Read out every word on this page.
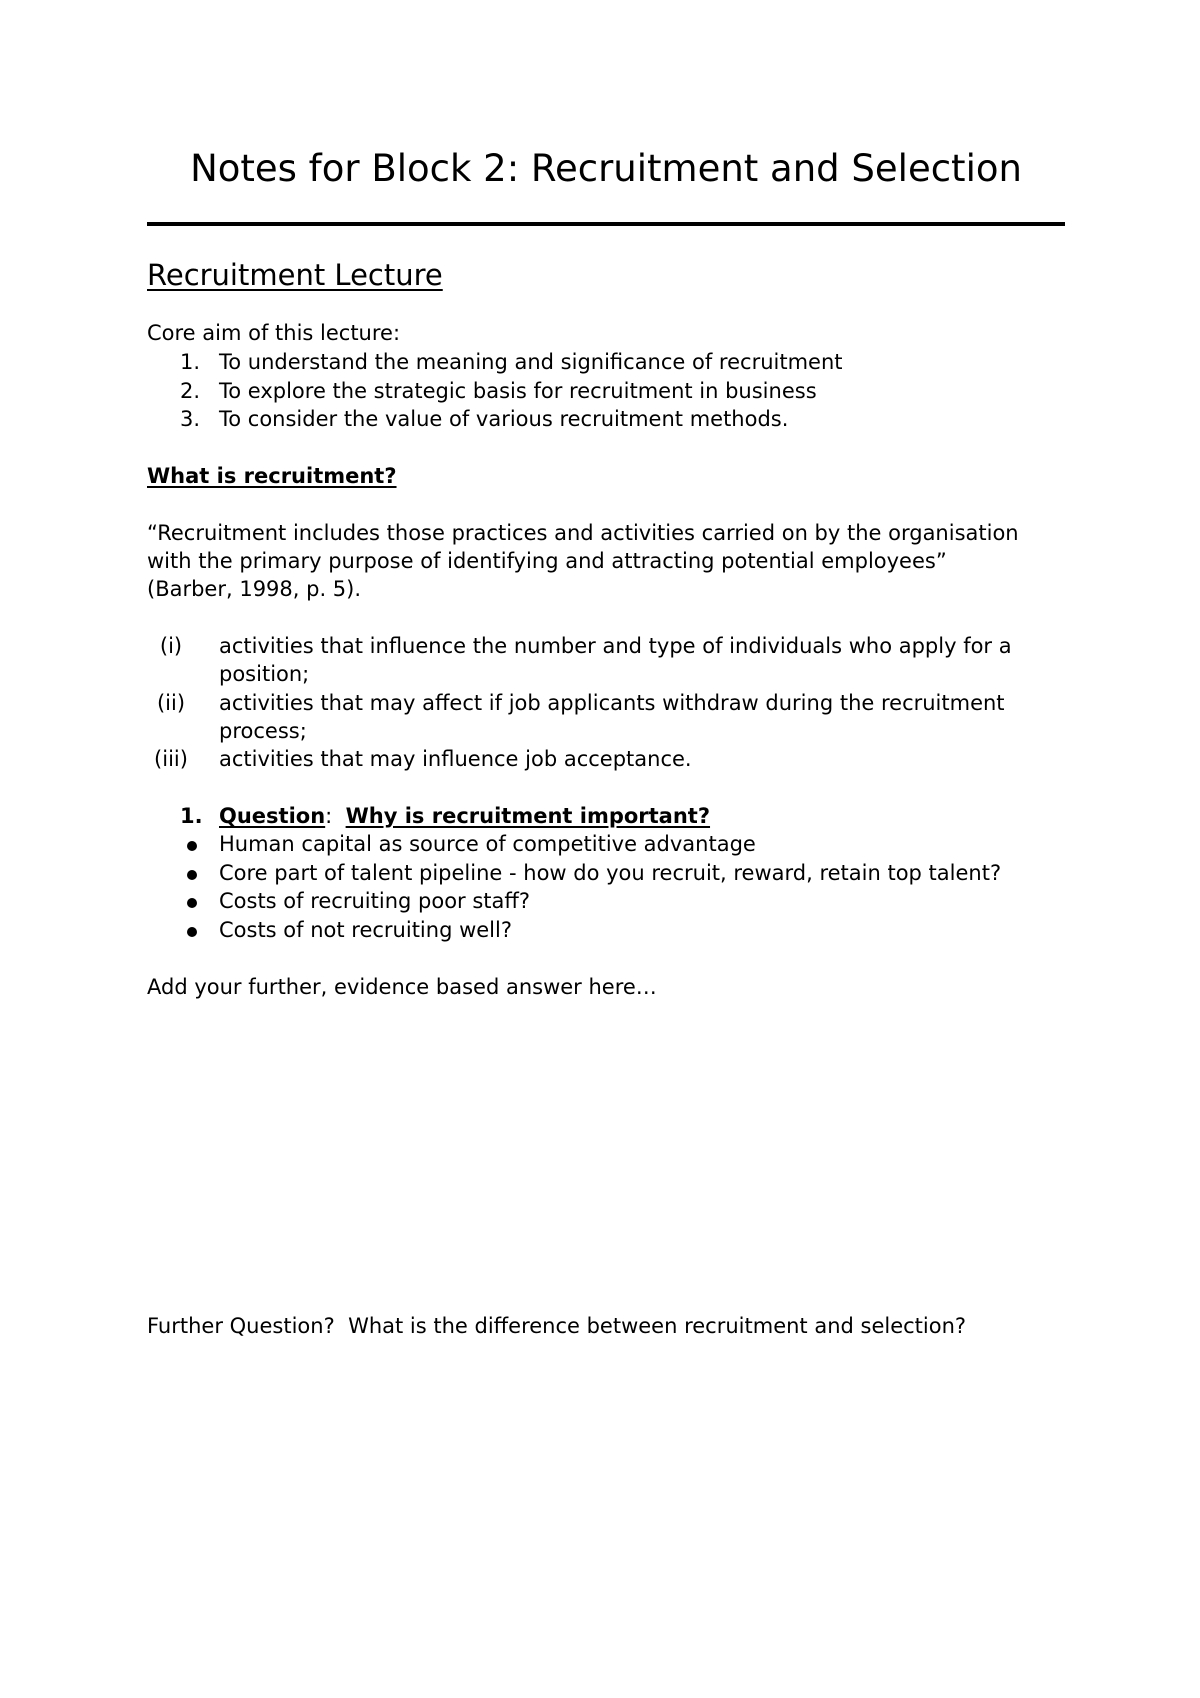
Notes for Block 2: Recruitment and Selection
Recruitment Lecture
Core aim of this lecture:
1. To understand the meaning and significance of recruitment
2. To explore the strategic basis for recruitment in business
3. To consider the value of various recruitment methods.
What is recruitment?
“Recruitment includes those practices and activities carried on by the organisation
with the primary purpose of identifying and attracting potential employees”
(Barber, 1998, p. 5).
(i)	activities that influence the number and type of individuals who apply for a
position;
(ii)	activities that may affect if job applicants withdraw during the recruitment
process;
(iii)	activities that may influence job acceptance.
1. Question: Why is recruitment important?
Human capital as source of competitive advantage
Core part of talent pipeline - how do you recruit, reward, retain top talent?
Costs of recruiting poor staff?
Costs of not recruiting well?
Add your further, evidence based answer here…
Further Question?  What is the difference between recruitment and selection?
